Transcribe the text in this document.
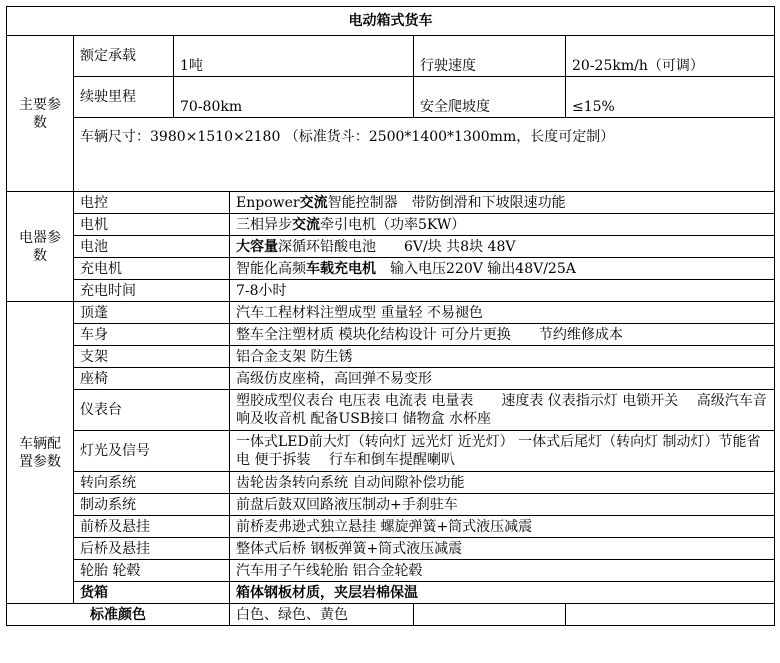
电动箱式货车					
主要参数	额定承载	1吨		行驶速度	20-25km/h（可调）
	续驶里程	70-80km		安全爬坡度	≤15%
	车辆尺寸：3980×1510×2180 （标准货斗：2500*1400*1300mm，长度可定制）				
电器参数	电控		Enpower交流智能控制器　带防倒滑和下坡限速功能		
	电机		三相异步交流牵引电机（功率5KW）		
	电池		大容量深循环铅酸电池　　6V/块 共8块 48V		
	充电机		智能化高频车载充电机　输入电压220V 输出48V/25A		
	充电时间		7-8小时		
车辆配置参数	顶蓬		汽车工程材料注塑成型 重量轻 不易褪色		
	车身		整车全注塑材质 模块化结构设计 可分片更换　　节约维修成本		
	支架		铝合金支架 防生锈		
	座椅		高级仿皮座椅，高回弹不易变形		
	仪表台		塑胶成型仪表台 电压表 电流表 电量表　　速度表 仪表指示灯 电锁开关　 高级汽车音响及收音机 配备USB接口 储物盒 水杯座		
	灯光及信号		一体式LED前大灯（转向灯 远光灯 近光灯） 一体式后尾灯（转向灯 制动灯）节能省电 便于拆装　 行车和倒车提醒喇叭		
	转向系统		齿轮齿条转向系统 自动间隙补偿功能		
	制动系统		前盘后鼓双回路液压制动+手刹驻车		
	前桥及悬挂		前桥麦弗逊式独立悬挂 螺旋弹簧+筒式液压减震		
	后桥及悬挂		整体式后桥 钢板弹簧+筒式液压减震		
	轮胎 轮毂		汽车用子午线轮胎 铝合金轮毂		
	货箱		箱体钢板材质，夹层岩棉保温		
标准颜色			白色、绿色、黄色		
